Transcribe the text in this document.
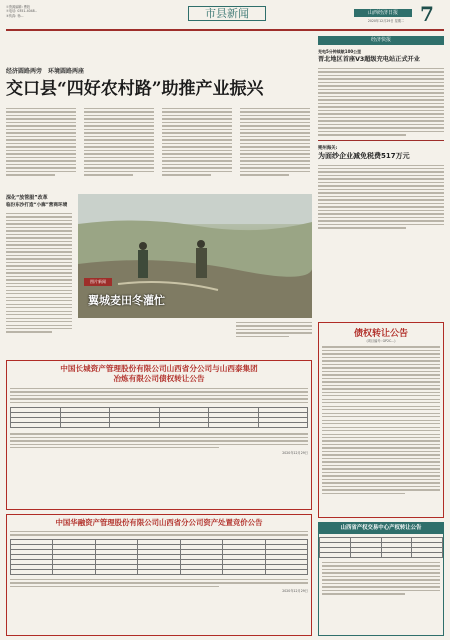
①资源编辑: 曹姓
②电话: 0351-4048..
③传真: 杨...	市县新闻	山西经济日报
2020年12月29日 星期二 7
经济圆路两旁　环境圆路两座
交口县“四好农村路”助推产业振兴
深化“放管服”改革
临汾东沙打造“小廊”营商环境
图片新闻
翼城麦田冬灌忙
经济快报
充电5分钟续航100公里
晋北地区首座V3超级充电站正式开业
朔州海关:
为面纱企业减免税费517万元
债权转让公告
(项目编号: GP2C...)
中国长城资产管理股份有限公司山西省分公司与山西泰集团
冶炼有限公司债权转让公告

2020年12月29日
中国华融资产管理股份有限公司山西省分公司资产处置竞价公告

2020年12月29日
山西省产权交易中心产权转让公告
